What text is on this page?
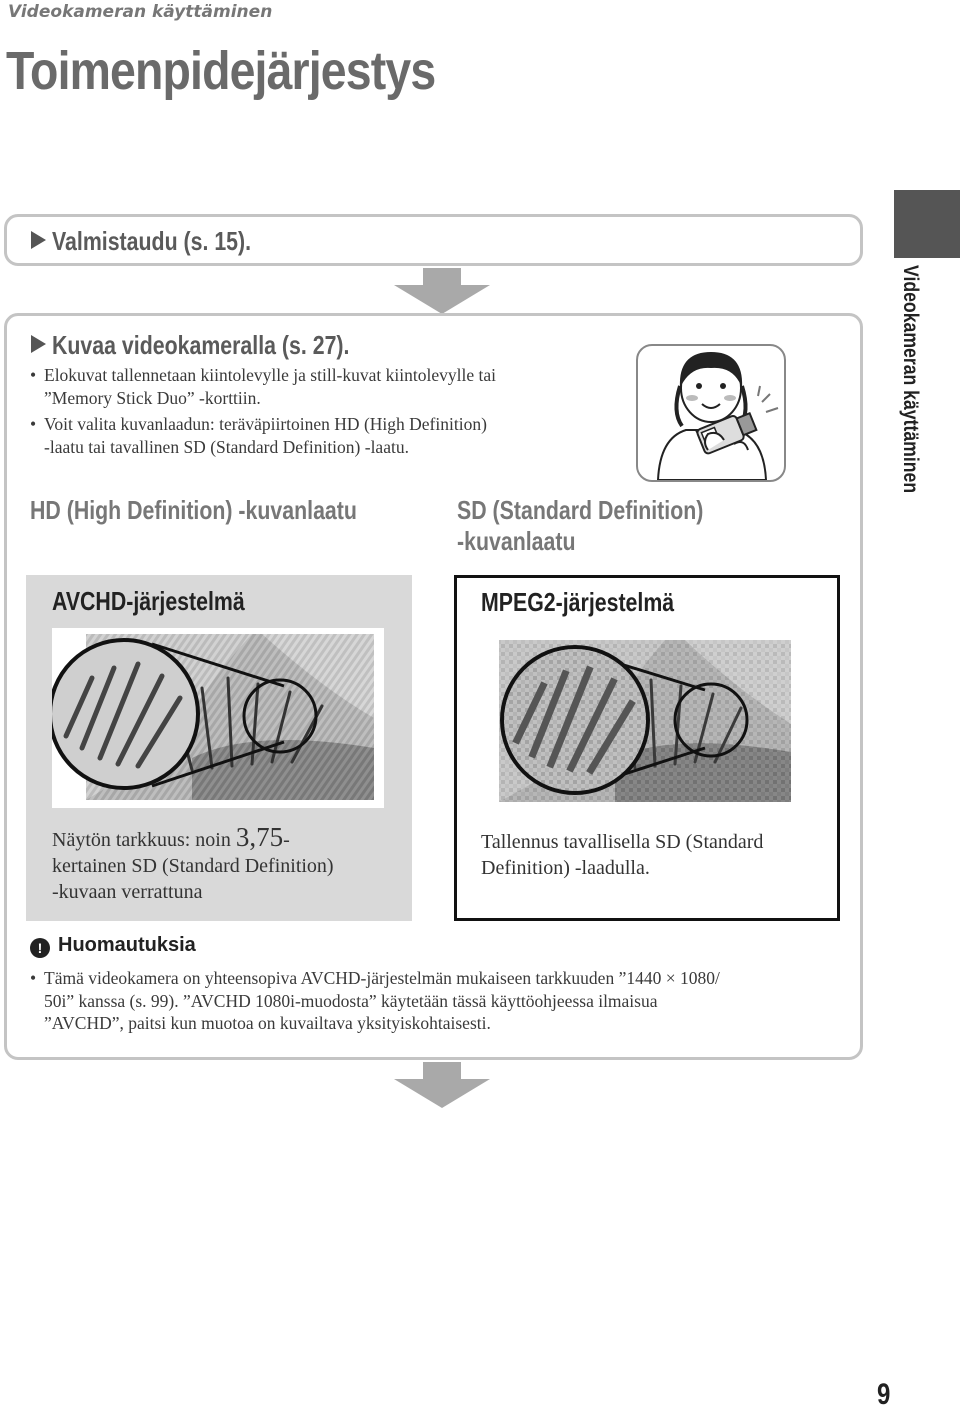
Videokameran käyttäminen
Toimenpidejärjestys
Videokameran käyttäminen
Valmistaudu (s. 15).
Kuvaa videokameralla (s. 27).
• Elokuvat tallennetaan kiintolevylle ja still-kuvat kiintolevylle tai
”Memory Stick Duo” -korttiin.
• Voit valita kuvanlaadun: teräväpiirtoinen HD (High Definition)
-laatu tai tavallinen SD (Standard Definition) -laatu.
HD (High Definition) -kuvanlaatu	SD (Standard Definition)
-kuvanlaatu
AVCHD-järjestelmä
Näytön tarkkuus: noin 3,75-
kertainen SD (Standard Definition)
-kuvaan verrattuna
MPEG2-järjestelmä
Tallennus tavallisella SD (Standard
Definition) -laadulla.
! Huomautuksia
• Tämä videokamera on yhteensopiva AVCHD-järjestelmän mukaiseen tarkkuuden ”1440 × 1080/
50i” kanssa (s. 99). ”AVCHD 1080i-muodosta” käytetään tässä käyttöohjeessa ilmaisua
”AVCHD”, paitsi kun muotoa on kuvailtava yksityiskohtaisesti.
9
